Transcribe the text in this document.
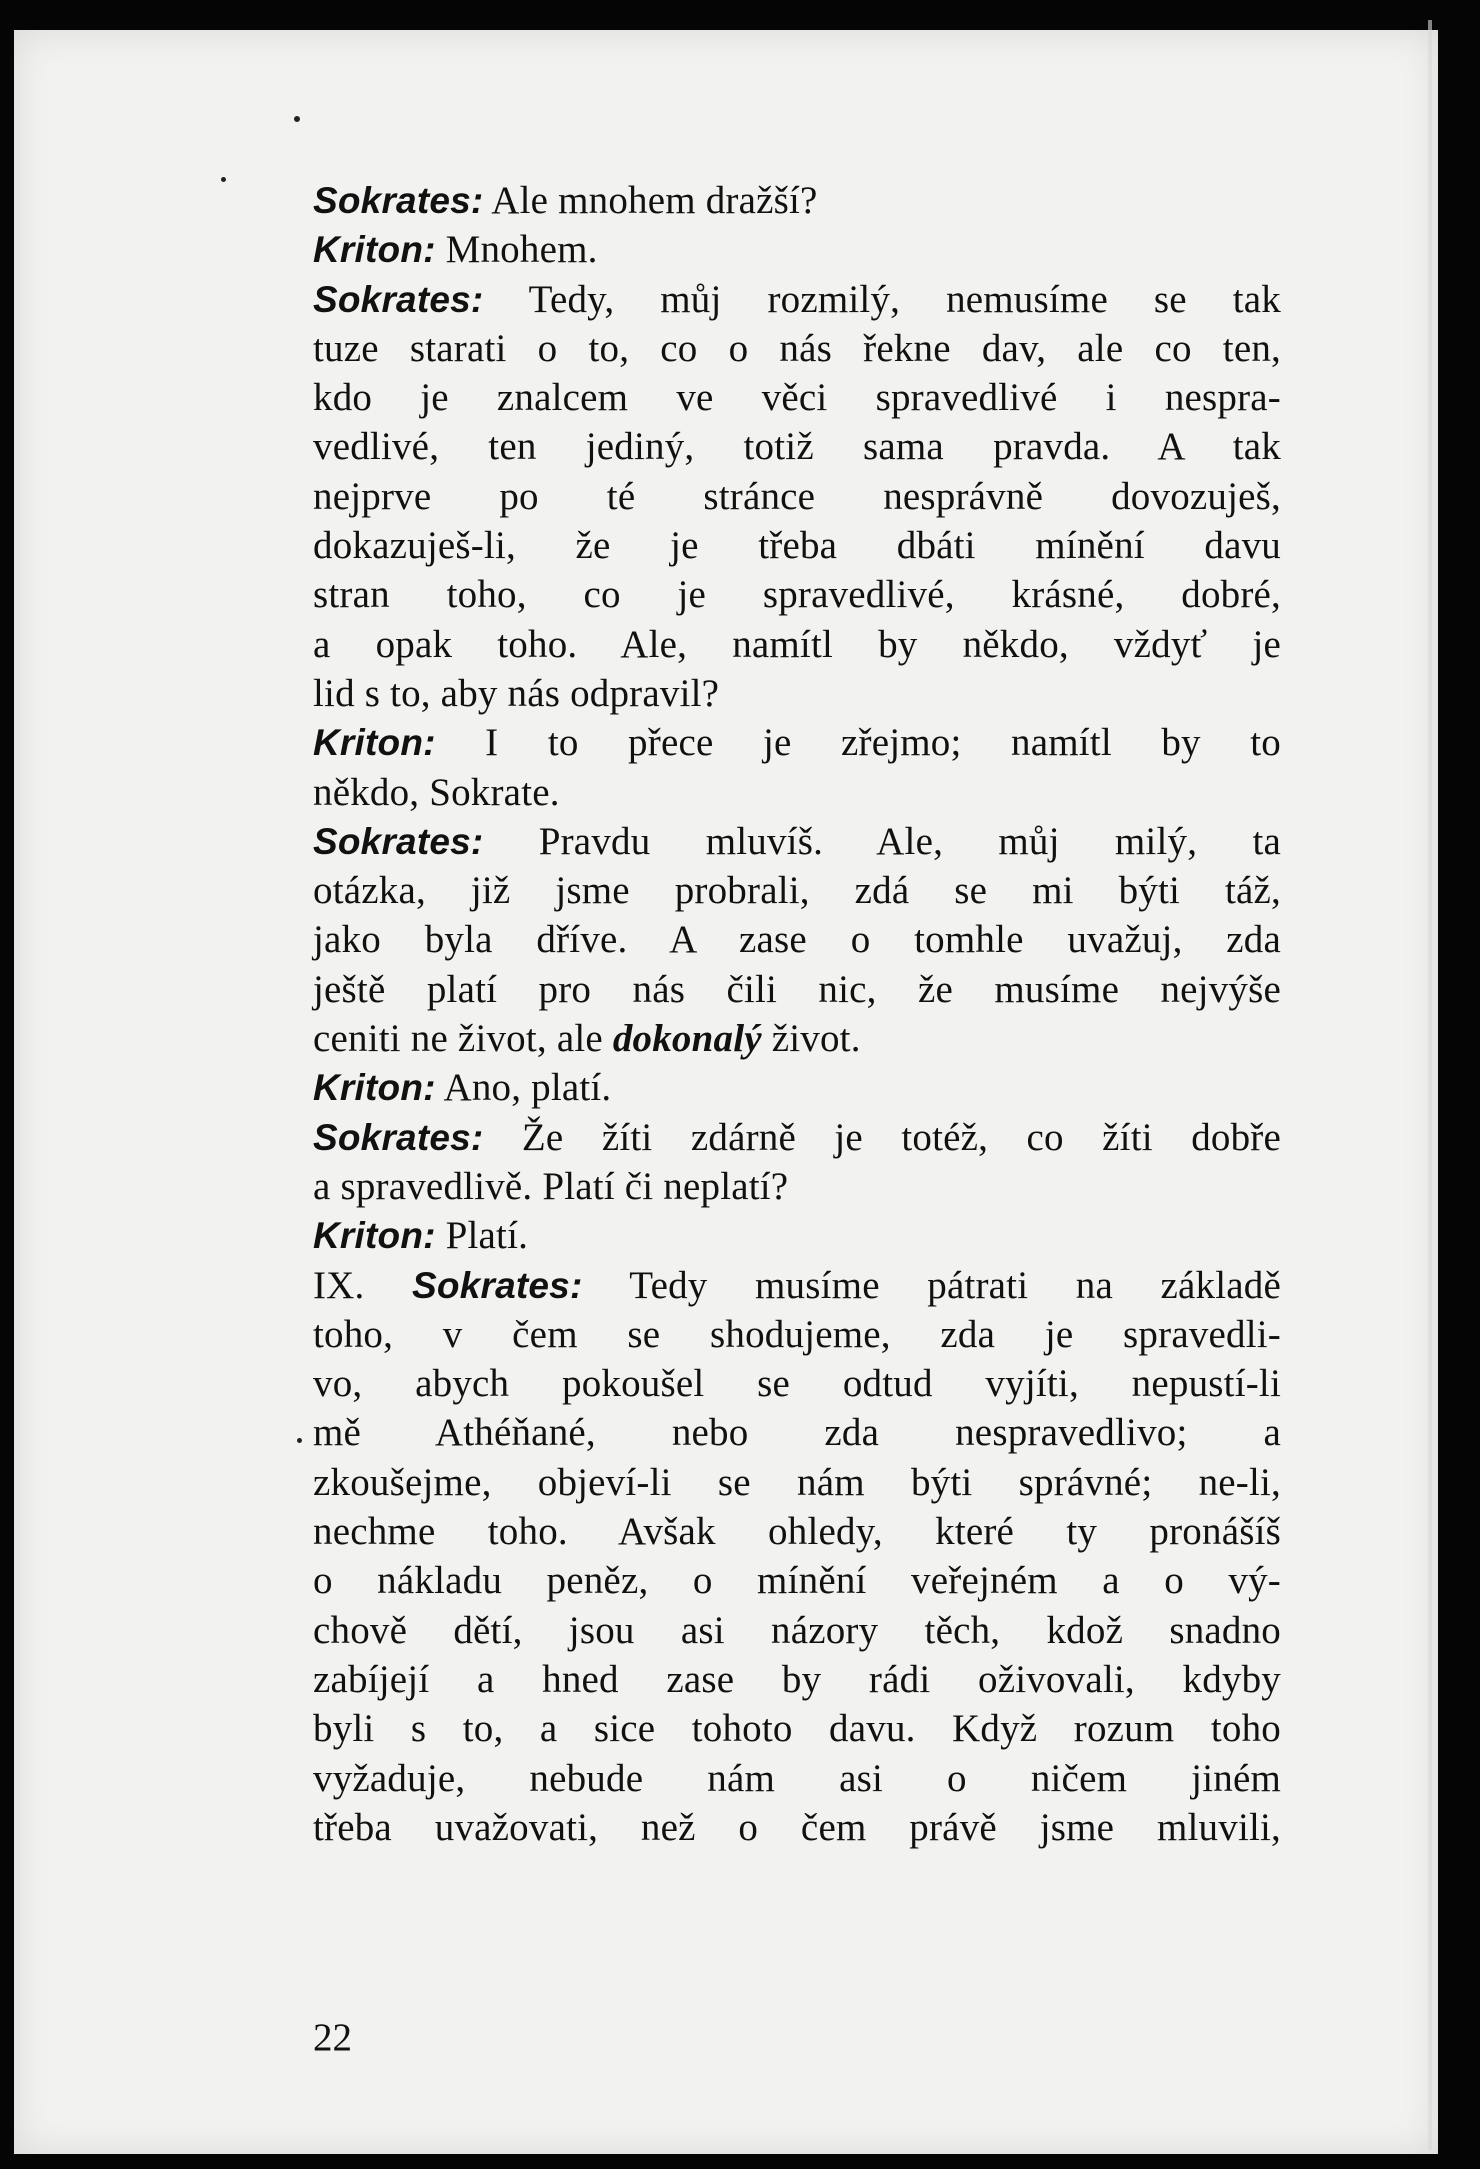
Sokrates: Ale mnohem dražší?
Kriton: Mnohem.
Sokrates: Tedy, můj rozmilý, nemusíme se tak
tuze starati o to, co o nás řekne dav, ale co ten,
kdo je znalcem ve věci spravedlivé i nespra-
vedlivé, ten jediný, totiž sama pravda. A tak
nejprve po té stránce nesprávně dovozuješ,
dokazuješ-li, že je třeba dbáti mínění davu
stran toho, co je spravedlivé, krásné, dobré,
a opak toho. Ale, namítl by někdo, vždyť je
lid s to, aby nás odpravil?
Kriton: I to přece je zřejmo; namítl by to
někdo, Sokrate.
Sokrates: Pravdu mluvíš. Ale, můj milý, ta
otázka, již jsme probrali, zdá se mi býti táž,
jako byla dříve. A zase o tomhle uvažuj, zda
ještě platí pro nás čili nic, že musíme nejvýše
ceniti ne život, ale dokonalý život.
Kriton: Ano, platí.
Sokrates: Že žíti zdárně je totéž, co žíti dobře
a spravedlivě. Platí či neplatí?
Kriton: Platí.
IX. Sokrates: Tedy musíme pátrati na základě
toho, v čem se shodujeme, zda je spravedli-
vo, abych pokoušel se odtud vyjíti, nepustí-li
mě Athéňané, nebo zda nespravedlivo; a
zkoušejme, objeví-li se nám býti správné; ne-li,
nechme toho. Avšak ohledy, které ty pronášíš
o nákladu peněz, o mínění veřejném a o vý-
chově dětí, jsou asi názory těch, kdož snadno
zabíjejí a hned zase by rádi oživovali, kdyby
byli s to, a sice tohoto davu. Když rozum toho
vyžaduje, nebude nám asi o ničem jiném
třeba uvažovati, než o čem právě jsme mluvili,
22
